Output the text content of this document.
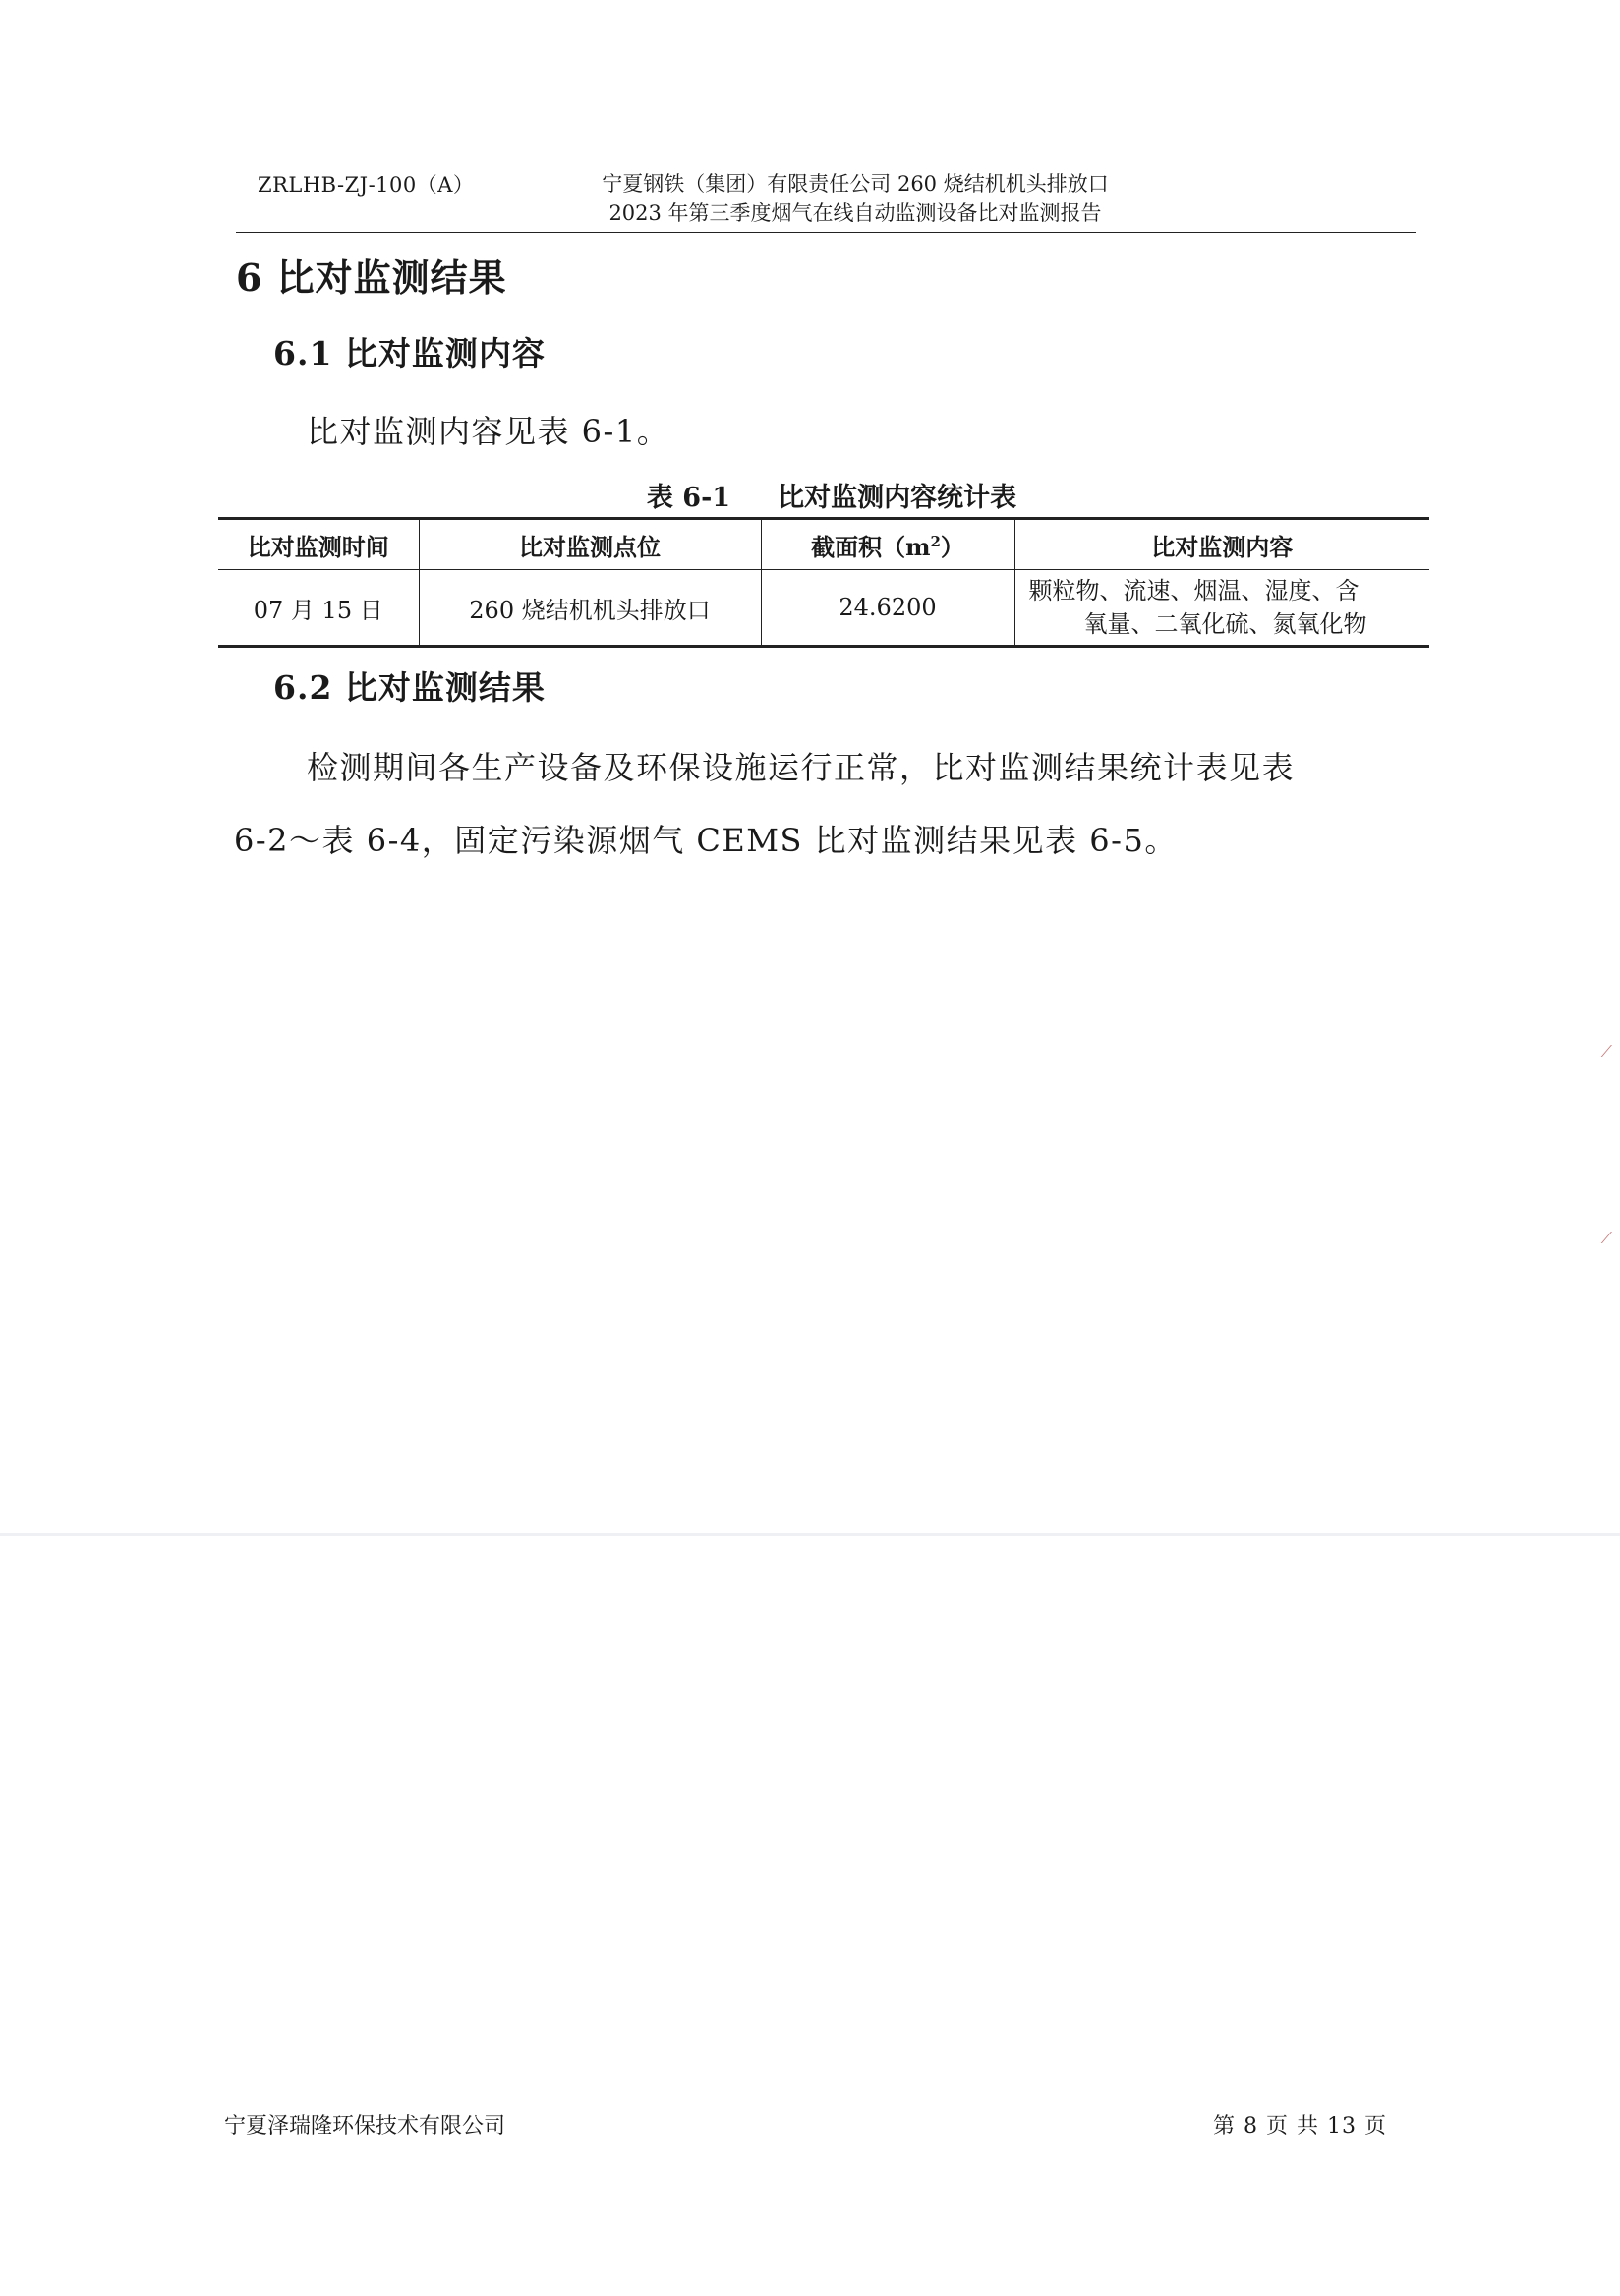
⟋
⟋
ZRLHB-ZJ-100（A）	宁夏钢铁（集团）有限责任公司 260 烧结机机头排放口
2023 年第三季度烟气在线自动监测设备比对监测报告
6 比对监测结果
6.1 比对监测内容
比对监测内容见表 6-1。
表 6-1 比对监测内容统计表
比对监测时间	比对监测点位	截面积$(m^2)$	比对监测内容
07 月 15 日	260 烧结机机头排放口	24.6200	颗粒物、流速、烟温、湿度、含
氧量、二氧化硫、氮氧化物
6.2 比对监测结果
检测期间各生产设备及环保设施运行正常，比对监测结果统计表见表
6-2～表 6-4，固定污染源烟气 CEMS 比对监测结果见表 6-5。
宁夏泽瑞隆环保技术有限公司	第 8 页 共 13 页
